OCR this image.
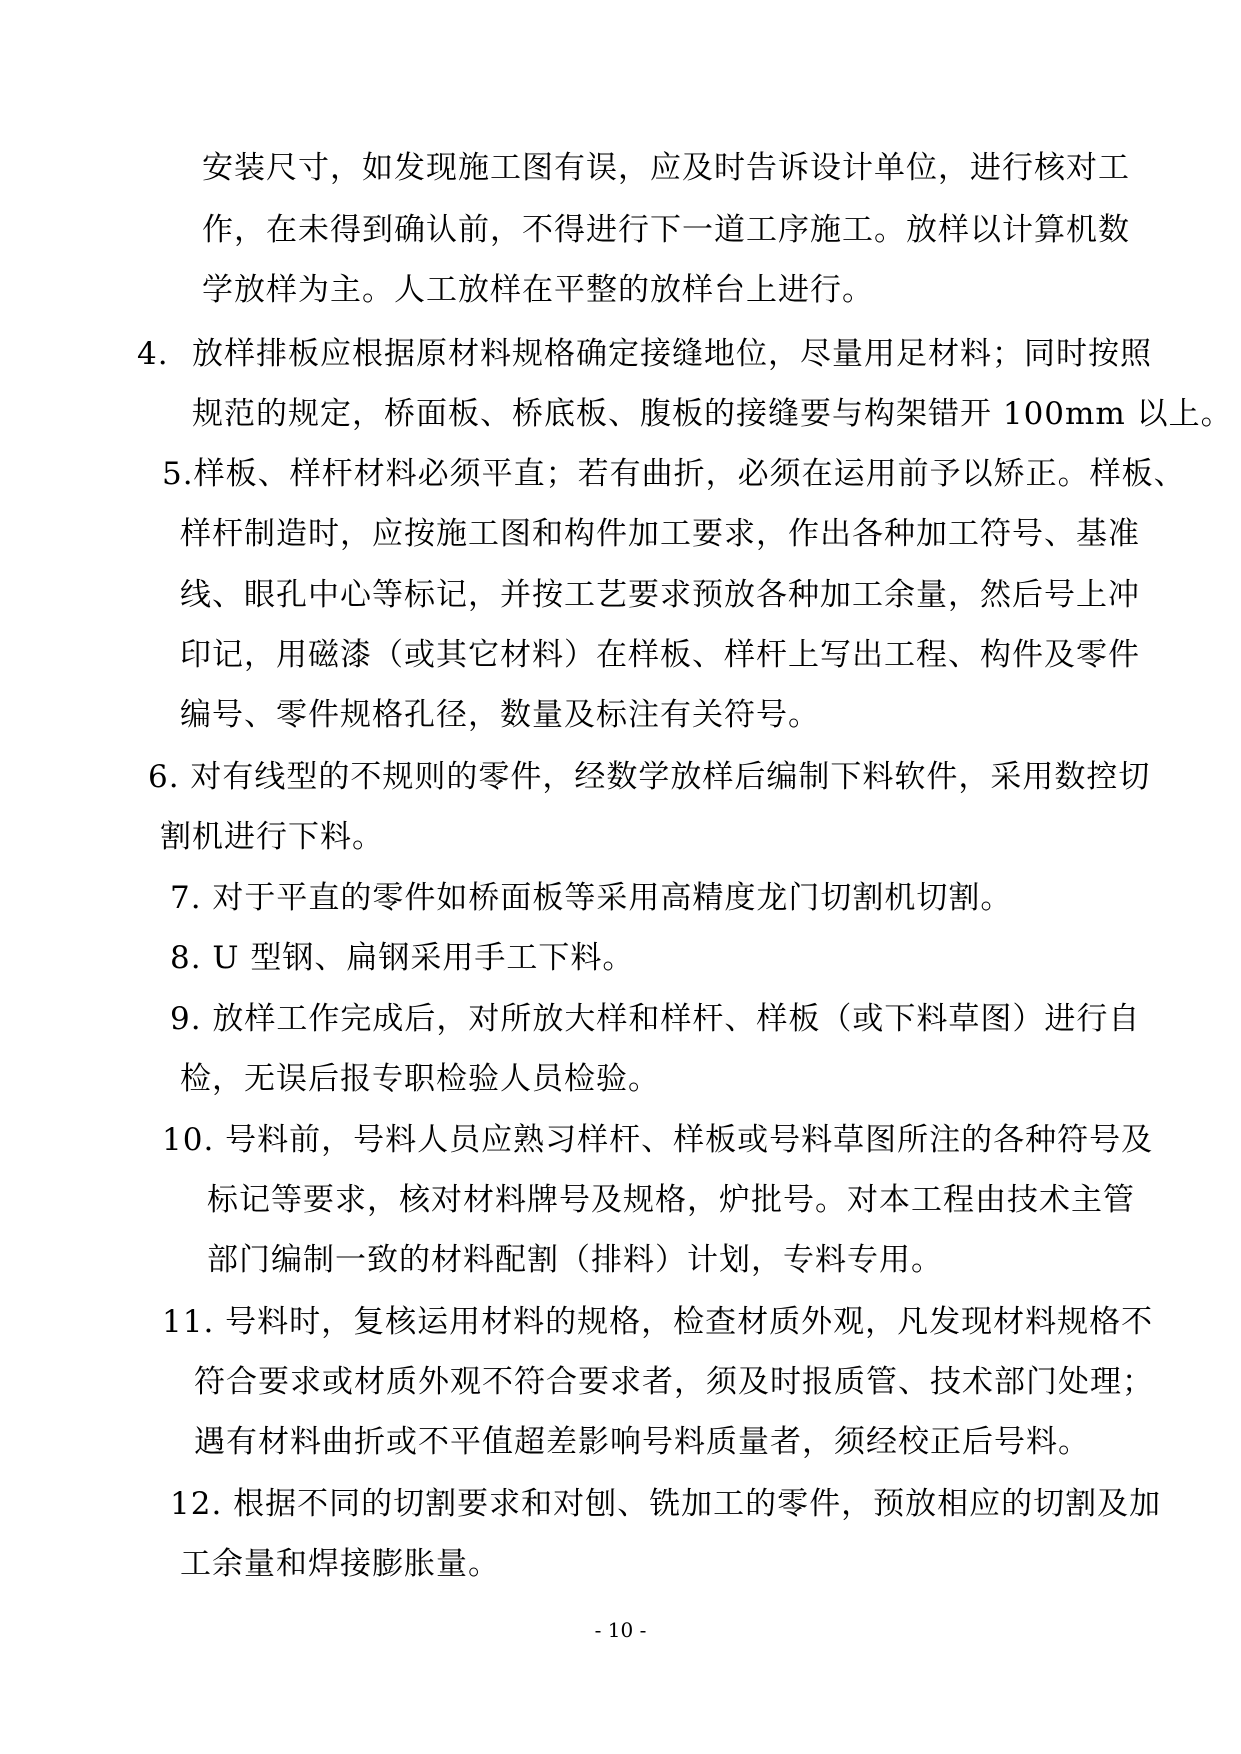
安装尺寸，如发现施工图有误，应及时告诉设计单位，进行核对工
作，在未得到确认前，不得进行下一道工序施工。放样以计算机数
学放样为主。人工放样在平整的放样台上进行。
4. 放样排板应根据原材料规格确定接缝地位，尽量用足材料；同时按照
规范的规定，桥面板、桥底板、腹板的接缝要与构架错开 100mm 以上。
5.样板、样杆材料必须平直；若有曲折，必须在运用前予以矫正。样板、
样杆制造时，应按施工图和构件加工要求，作出各种加工符号、基准
线、眼孔中心等标记，并按工艺要求预放各种加工余量，然后号上冲
印记，用磁漆（或其它材料）在样板、样杆上写出工程、构件及零件
编号、零件规格孔径，数量及标注有关符号。
6. 对有线型的不规则的零件，经数学放样后编制下料软件，采用数控切
割机进行下料。
7. 对于平直的零件如桥面板等采用高精度龙门切割机切割。
8. U 型钢、扁钢采用手工下料。
9. 放样工作完成后，对所放大样和样杆、样板（或下料草图）进行自
检，无误后报专职检验人员检验。
10. 号料前，号料人员应熟习样杆、样板或号料草图所注的各种符号及
标记等要求，核对材料牌号及规格，炉批号。对本工程由技术主管
部门编制一致的材料配割（排料）计划，专料专用。
11. 号料时，复核运用材料的规格，检查材质外观，凡发现材料规格不
符合要求或材质外观不符合要求者，须及时报质管、技术部门处理；
遇有材料曲折或不平值超差影响号料质量者，须经校正后号料。
12. 根据不同的切割要求和对刨、铣加工的零件，预放相应的切割及加
工余量和焊接膨胀量。
- 10 -
